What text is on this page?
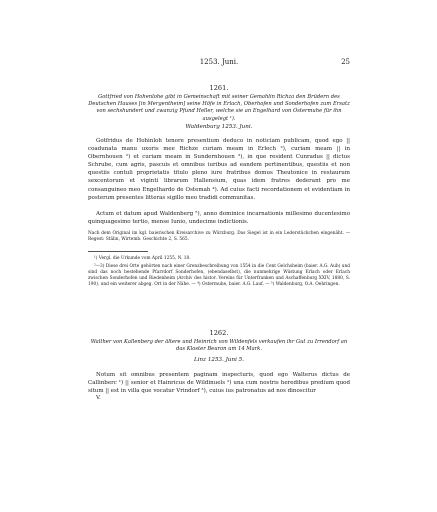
1253. Juni.	25
1261.
Gottfried von Hohenlohe gibt in Gemeinschaft mit seiner Gemahlin Richza den Brüdern des Deutschen Hauses [in Mergentheim] seine Höfe in Erlach, Oberhofen und Sonderhofen zum Ersatz von sechshundert und zwanzig Pfund Heller, welche sie an Engelhard von Ostermuhe für ihn ausgelegt ¹).
Waldenburg 1253. Juni.
Gotfridus de Hohinloh tenore presentium deduco in noticiam publicam, quod ego || coadunata manu uxoris mee Richze curiam meam in Erlech ²), curiam meam || in Obernhouen ²) et curiam meam in Sundernhouen ³), in que resident Cunradus || dictus Schrube, cum agris, pascuis et omnibus iuribus ad eandem pertinentibus, questiis et non questiis contuli proprietatis titulo pleno iure fratribus domus Theutonice in restaurum sexcentorum et viginti librarum Hallensium, quas idem fratres dederant pro me consanguineo meo Engelhardo de Ostemah ⁴). Ad cuius facti recordationem et evidentiam in posterum presentes litteras sigillo meo tradidi communitas.
Actum et datum apud Waldenberg ⁵), anno dominice incarnationis millesimo ducentesimo quinquagesimo tertio, mense Iunio, undecime indictionis.
Nach dem Original im kgl. baierischen Kreisarchive zu Würzburg. Das Siegel ist in ein Lederstückchen eingenäht. — Regest: Stälin, Wirtemb. Geschichte 2, S. 565.
¹) Vergl. die Urkunde vom April 1255, N. 18.
²—3) Diese drei Orte gehörten nach einer Grenzbeschreibung von 1554 in die Cent Gelchsheim (baier. A.G. Aub) und sind das noch bestehende Pfarrdorf Sonderhofen, (ebendaselbst), die nunmehrige Wüstung Erlach oder Erlach zwischen Sonderhofen und Riedenheim (Archiv des histor. Vereins für Unterfranken und Aschaffenburg XXIV, 1880, S. 190), und ein weiterer abgeg. Ort in der Nähe. — ⁴) Ostermuhe, baier. A.G. Lauf. — ⁵) Waldenburg, O.A. Oehringen.
1262.
Walther von Kallenberg der ältere und Heinrich von Wildenfels verkaufen ihr Gut zu Irrendorf an das Kloster Beuron um 14 Mark.
Linz 1253. Juni 5.
Notum sit omnibus presentem paginam inspecturis, quod ego Walterus dictus de Callinberc ¹) || senior et Hainricus de Wildinuels ²) una cum nostris heredibus predium quod situm || est in villa que vocatur Vrindorf ³), cuius ius patronatus ad nos dinoscitur
V.
